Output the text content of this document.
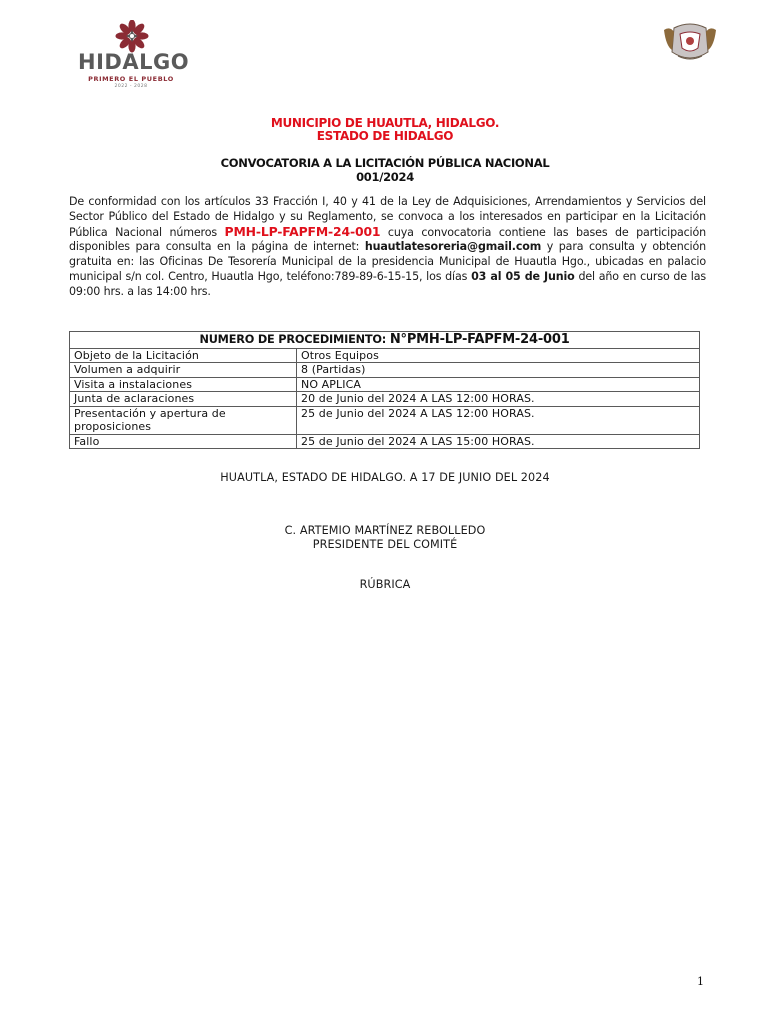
HIDALGO
PRIMERO EL PUEBLO
2022 - 2028
MUNICIPIO DE HUAUTLA, HIDALGO.
ESTADO DE HIDALGO
CONVOCATORIA A LA LICITACIÓN PÚBLICA NACIONAL
001/2024
De conformidad con los artículos 33 Fracción I, 40 y 41 de la Ley de Adquisiciones, Arrendamientos y Servicios del Sector Público del Estado de Hidalgo y su Reglamento, se convoca a los interesados en participar en la Licitación Pública Nacional números PMH-LP-FAPFM-24-001 cuya convocatoria contiene las bases de participación disponibles para consulta en la página de internet: huautlatesoreria@gmail.com y para consulta y obtención gratuita en: las Oficinas De Tesorería Municipal de la presidencia Municipal de Huautla Hgo., ubicadas en palacio municipal s/n col. Centro, Huautla Hgo, teléfono:789-89-6-15-15, los días 03 al 05 de Junio del año en curso de las 09:00 hrs. a las 14:00 hrs.
NUMERO DE PROCEDIMIENTO: N°PMH-LP-FAPFM-24-001	
Objeto de la Licitación	Otros Equipos
Volumen a adquirir	8 (Partidas)
Visita a instalaciones	NO APLICA
Junta de aclaraciones	20 de Junio del 2024 A LAS 12:00 HORAS.
Presentación y apertura de proposiciones	25 de Junio del 2024 A LAS 12:00 HORAS.
Fallo	25 de Junio del 2024 A LAS 15:00 HORAS.
HUAUTLA, ESTADO DE HIDALGO. A 17 DE JUNIO DEL 2024
C. ARTEMIO MARTÍNEZ REBOLLEDO
PRESIDENTE DEL COMITÉ
RÚBRICA
1
